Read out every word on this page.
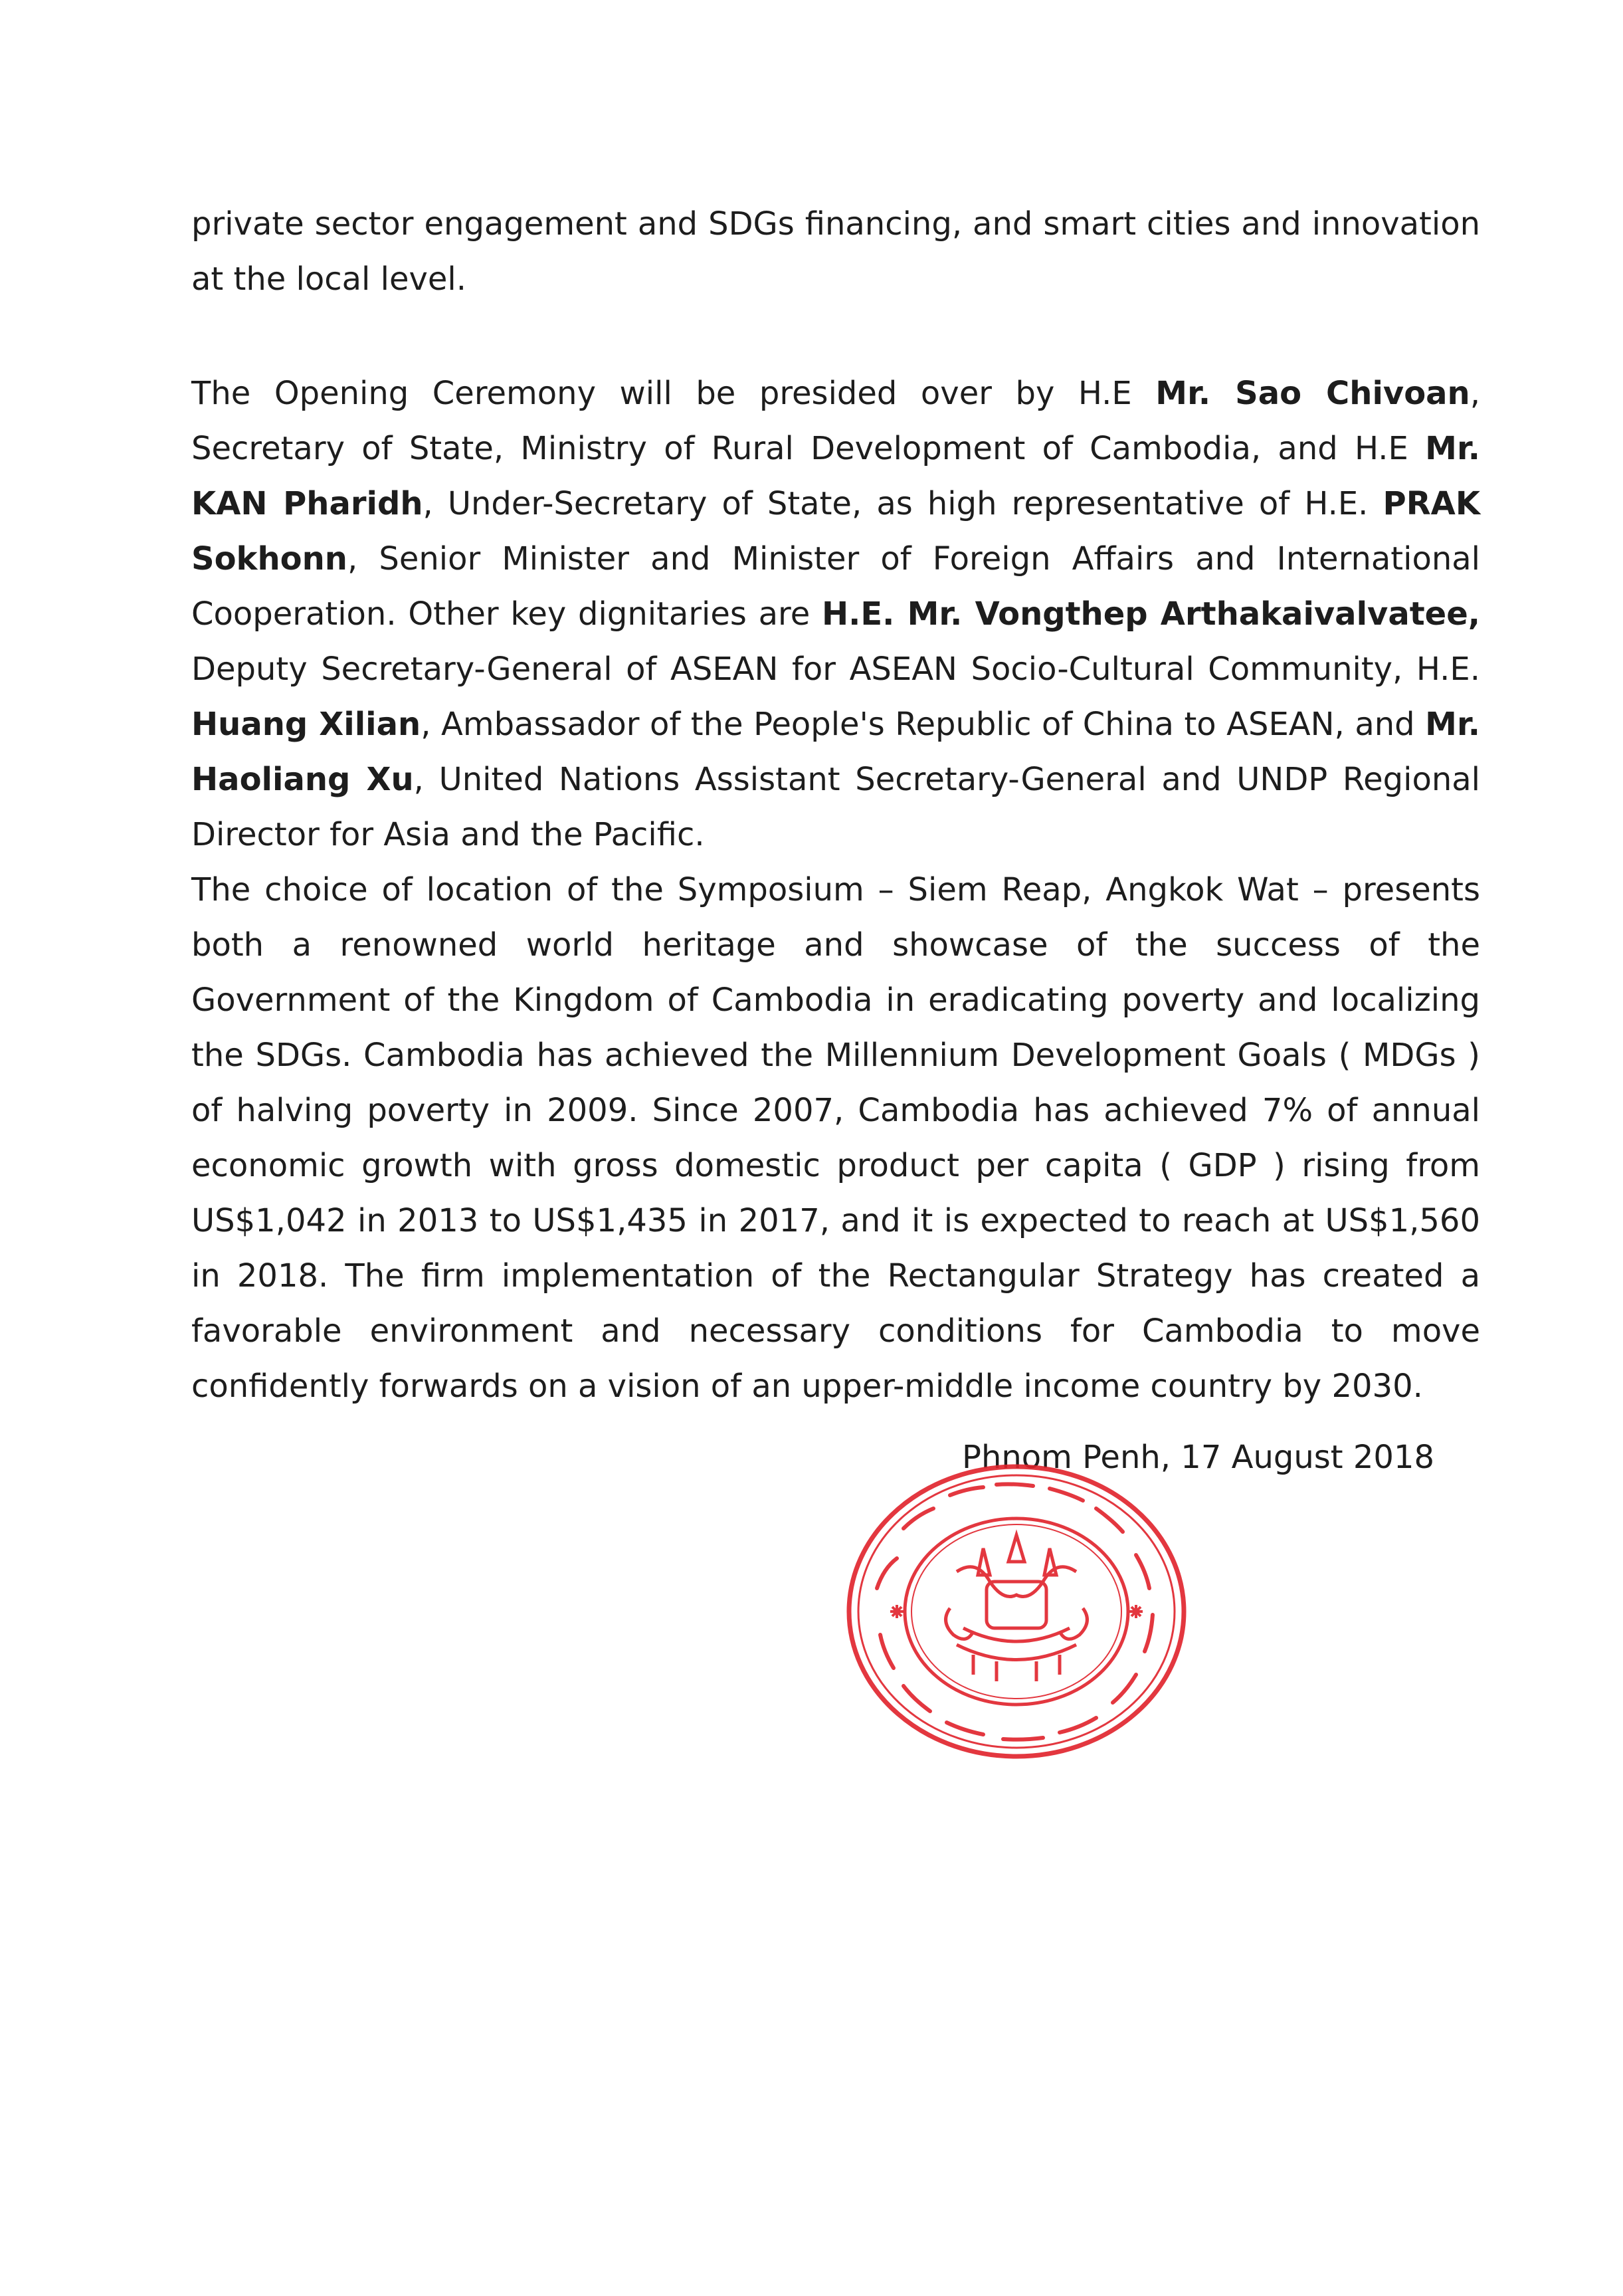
private sector engagement and SDGs financing, and smart cities and innovation at the local level.
The Opening Ceremony will be presided over by H.E Mr. Sao Chivoan, Secretary of State, Ministry of Rural Development of Cambodia, and H.E Mr. KAN Pharidh, Under-Secretary of State, as high representative of H.E. PRAK Sokhonn, Senior Minister and Minister of Foreign Affairs and International Cooperation. Other key dignitaries are H.E. Mr. Vongthep Arthakaivalvatee, Deputy Secretary-General of ASEAN for ASEAN Socio-Cultural Community, H.E. Huang Xilian, Ambassador of the People's Republic of China to ASEAN, and Mr. Haoliang Xu, United Nations Assistant Secretary-General and UNDP Regional Director for Asia and the Pacific.
The choice of location of the Symposium – Siem Reap, Angkok Wat – presents both a renowned world heritage and showcase of the success of the Government of the Kingdom of Cambodia in eradicating poverty and localizing the SDGs. Cambodia has achieved the Millennium Development Goals ( MDGs ) of halving poverty in 2009. Since 2007, Cambodia has achieved 7% of annual economic growth with gross domestic product per capita ( GDP ) rising from US$1,042 in 2013 to US$1,435 in 2017, and it is expected to reach at US$1,560 in 2018. The firm implementation of the Rectangular Strategy has created a favorable environment and necessary conditions for Cambodia to move confidently forwards on a vision of an upper-middle income country by 2030.
Phnom Penh, 17 August 2018
